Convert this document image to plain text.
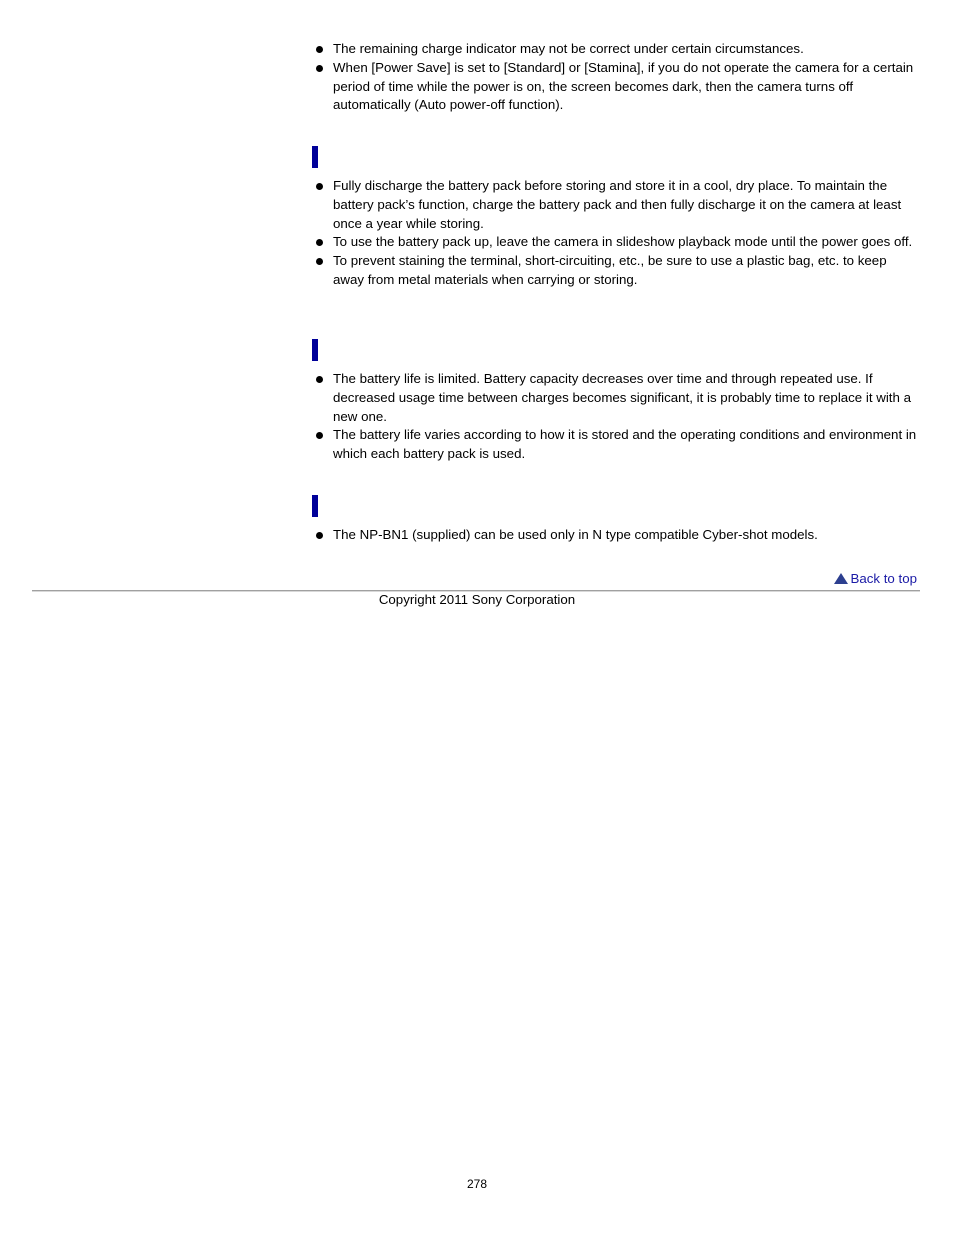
The remaining charge indicator may not be correct under certain circumstances.
When [Power Save] is set to [Standard] or [Stamina], if you do not operate the camera for a certain period of time while the power is on, the screen becomes dark, then the camera turns off automatically (Auto power-off function).
Fully discharge the battery pack before storing and store it in a cool, dry place. To maintain the battery pack’s function, charge the battery pack and then fully discharge it on the camera at least once a year while storing.
To use the battery pack up, leave the camera in slideshow playback mode until the power goes off.
To prevent staining the terminal, short-circuiting, etc., be sure to use a plastic bag, etc. to keep away from metal materials when carrying or storing.
The battery life is limited. Battery capacity decreases over time and through repeated use. If decreased usage time between charges becomes significant, it is probably time to replace it with a new one.
The battery life varies according to how it is stored and the operating conditions and environment in which each battery pack is used.
The NP-BN1 (supplied) can be used only in N type compatible Cyber-shot models.
Back to top
Copyright 2011 Sony Corporation
278
